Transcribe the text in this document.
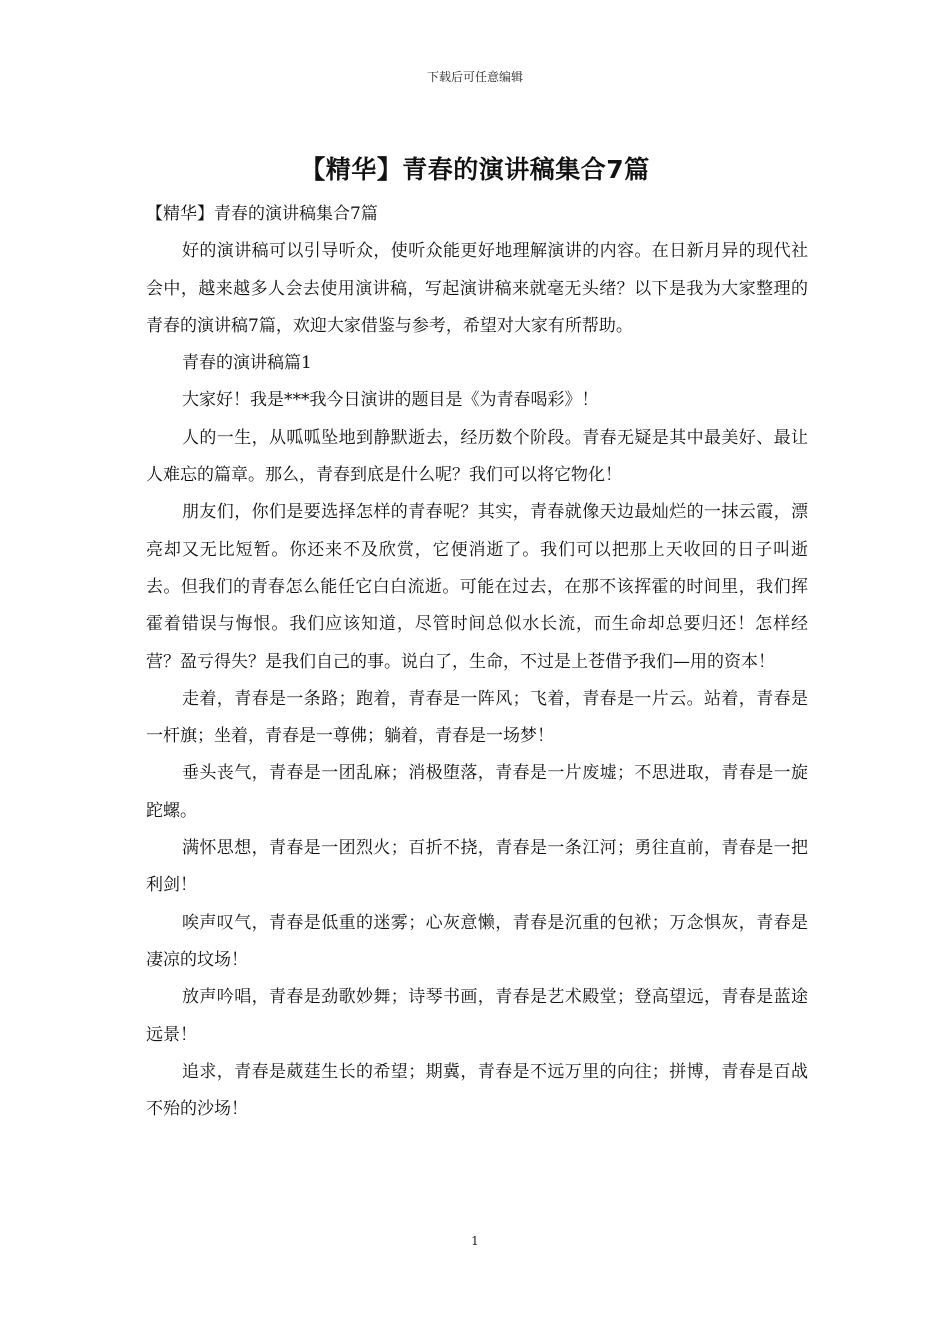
下载后可任意编辑
【精华】青春的演讲稿集合7篇

【精华】青春的演讲稿集合7篇

好的演讲稿可以引导听众，使听众能更好地理解演讲的内容。在日新月异的现代社会中，越来越多人会去使用演讲稿，写起演讲稿来就毫无头绪？以下是我为大家整理的青春的演讲稿7篇，欢迎大家借鉴与参考，希望对大家有所帮助。

青春的演讲稿篇1

大家好！我是***我今日演讲的题目是《为青春喝彩》！

人的一生，从呱呱坠地到静默逝去，经历数个阶段。青春无疑是其中最美好、最让人难忘的篇章。那么，青春到底是什么呢？我们可以将它物化！

朋友们，你们是要选择怎样的青春呢？其实，青春就像天边最灿烂的一抹云霞，漂亮却又无比短暂。你还来不及欣赏，它便消逝了。我们可以把那上天收回的日子叫逝去。但我们的青春怎么能任它白白流逝。可能在过去，在那不该挥霍的时间里，我们挥霍着错误与悔恨。我们应该知道，尽管时间总似水长流，而生命却总要归还！怎样经营？盈亏得失？是我们自己的事。说白了，生命，不过是上苍借予我们—用的资本！

走着，青春是一条路；跑着，青春是一阵风；飞着，青春是一片云。站着，青春是一杆旗；坐着，青春是一尊佛；躺着，青春是一场梦！

垂头丧气，青春是一团乱麻；消极堕落，青春是一片废墟；不思进取，青春是一旋跎螺。

满怀思想，青春是一团烈火；百折不挠，青春是一条江河；勇往直前，青春是一把利剑！

唉声叹气，青春是低重的迷雾；心灰意懒，青春是沉重的包袱；万念惧灰，青春是凄凉的坟场！

放声吟唱，青春是劲歌妙舞；诗琴书画，青春是艺术殿堂；登高望远，青春是蓝途远景！

追求，青春是葳莛生长的希望；期冀，青春是不远万里的向往；拼博，青春是百战不殆的沙场！

1
